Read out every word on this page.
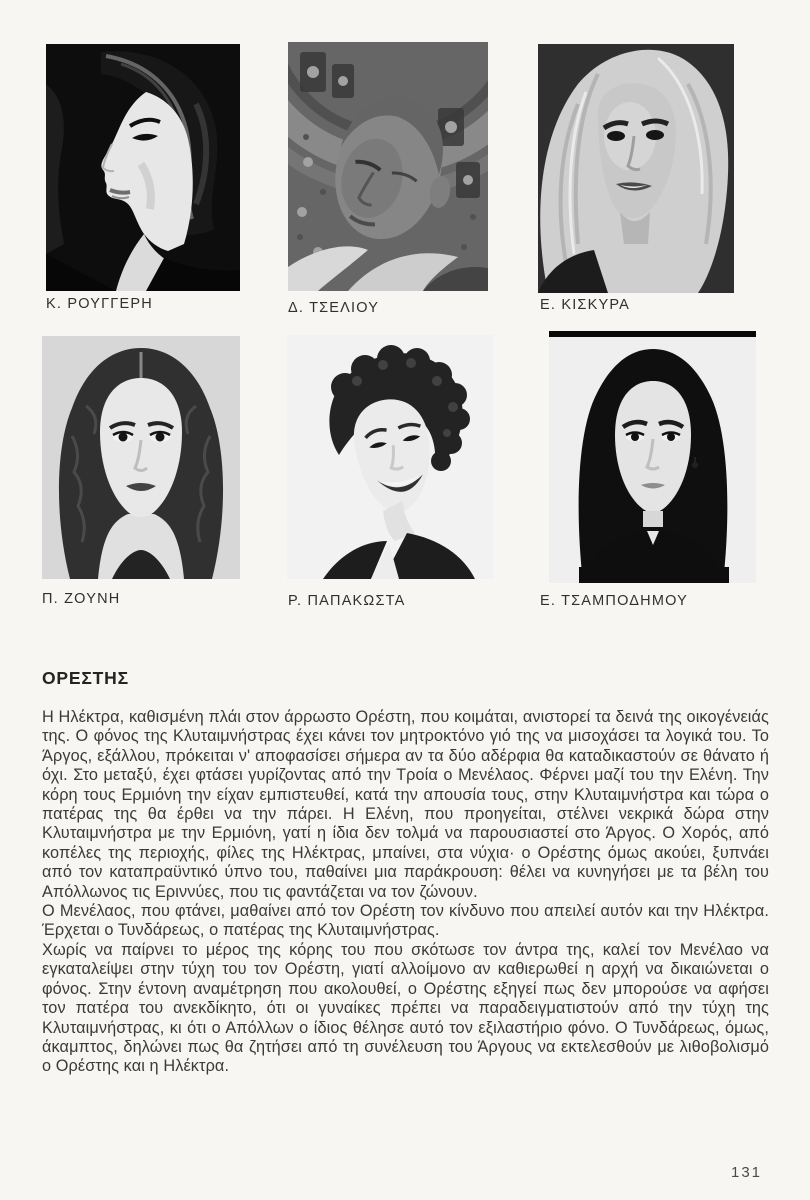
Κ. ΡΟΥΓΓΕΡΗ	Δ. ΤΣΕΛΙΟΥ	Ε. ΚΙΣΚΥΡΑ
Π. ΖΟΥΝΗ	Ρ. ΠΑΠΑΚΩΣΤΑ	Ε. ΤΣΑΜΠΟΔΗΜΟΥ
ΟΡΕΣΤΗΣ

Η Ηλέκτρα, καθισμένη πλάι στον άρρωστο Ορέστη, που κοιμάται, ανιστορεί τα δεινά της οικογένειάς της. Ο φόνος της Κλυταιμνήστρας έχει κάνει τον μητροκτόνο γιό της να μισοχάσει τα λογικά του. Το Άργος, εξάλλου, πρόκειται ν' αποφασίσει σήμερα αν τα δύο αδέρφια θα καταδικαστούν σε θάνατο ή όχι. Στο μεταξύ, έχει φτάσει γυρίζοντας από την Τροία ο Μενέλαος. Φέρνει μαζί του την Ελένη. Την κόρη τους Ερμιόνη την είχαν εμπιστευθεί, κατά την απουσία τους, στην Κλυταιμνήστρα και τώρα ο πατέρας της θα έρθει να την πάρει. Η Ελένη, που προηγείται, στέλνει νεκρικά δώρα στην Κλυταιμνήστρα με την Ερμιόνη, γατί η ίδια δεν τολμά να παρουσιαστεί στο Άργος. Ο Χορός, από κοπέλες της περιοχής, φίλες της Ηλέκτρας, μπαίνει, στα νύχια· ο Ορέστης όμως ακούει, ξυπνάει από τον καταπραϋντικό ύπνο του, παθαίνει μια παράκρουση: θέλει να κυνηγήσει με τα βέλη του Απόλλωνος τις Εριννύες, που τις φαντάζεται να τον ζώνουν.

Ο Μενέλαος, που φτάνει, μαθαίνει από τον Ορέστη τον κίνδυνο που απειλεί αυτόν και την Ηλέκτρα. Έρχεται ο Τυνδάρεως, ο πατέρας της Κλυταιμνήστρας.

Χωρίς να παίρνει το μέρος της κόρης του που σκότωσε τον άντρα της, καλεί τον Μενέλαο να εγκαταλείψει στην τύχη του τον Ορέστη, γιατί αλλοίμονο αν καθιερωθεί η αρχή να δικαιώνεται ο φόνος. Στην έντονη αναμέτρηση που ακολουθεί, ο Ορέστης εξηγεί πως δεν μπορούσε να αφήσει τον πατέρα του ανεκδίκητο, ότι οι γυναίκες πρέπει να παραδειγματιστούν από την τύχη της Κλυταιμνήστρας, κι ότι ο Απόλλων ο ίδιος θέλησε αυτό τον εξιλαστήριο φόνο. Ο Τυνδάρεως, όμως, άκαμπτος, δηλώνει πως θα ζητήσει από τη συνέλευση του Άργους να εκτελεσθούν με λιθοβολισμό ο Ορέστης και η Ηλέκτρα.

131
